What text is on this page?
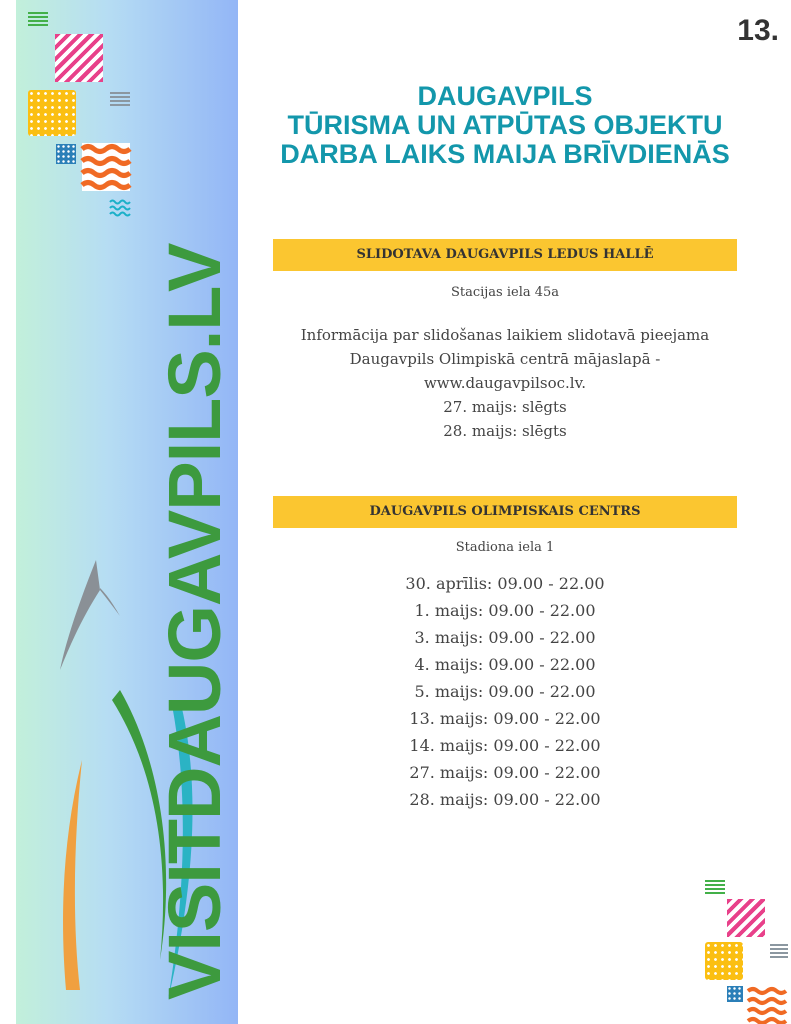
VISITDAUGAVPILS.LV
13.
DAUGAVPILS
TŪRISMA UN ATPŪTAS OBJEKTU
DARBA LAIKS MAIJA BRĪVDIENĀS
SLIDOTAVA DAUGAVPILS LEDUS HALLĒ
Stacijas iela 45a
Informācija par slidošanas laikiem slidotavā pieejama
Daugavpils Olimpiskā centrā mājaslapā -
www.daugavpilsoc.lv.
27. maijs: slēgts
28. maijs: slēgts
DAUGAVPILS OLIMPISKAIS CENTRS
Stadiona iela 1
30. aprīlis: 09.00 - 22.00
1. maijs: 09.00 - 22.00
3. maijs: 09.00 - 22.00
4. maijs: 09.00 - 22.00
5. maijs: 09.00 - 22.00
13. maijs: 09.00 - 22.00
14. maijs: 09.00 - 22.00
27. maijs: 09.00 - 22.00
28. maijs: 09.00 - 22.00
